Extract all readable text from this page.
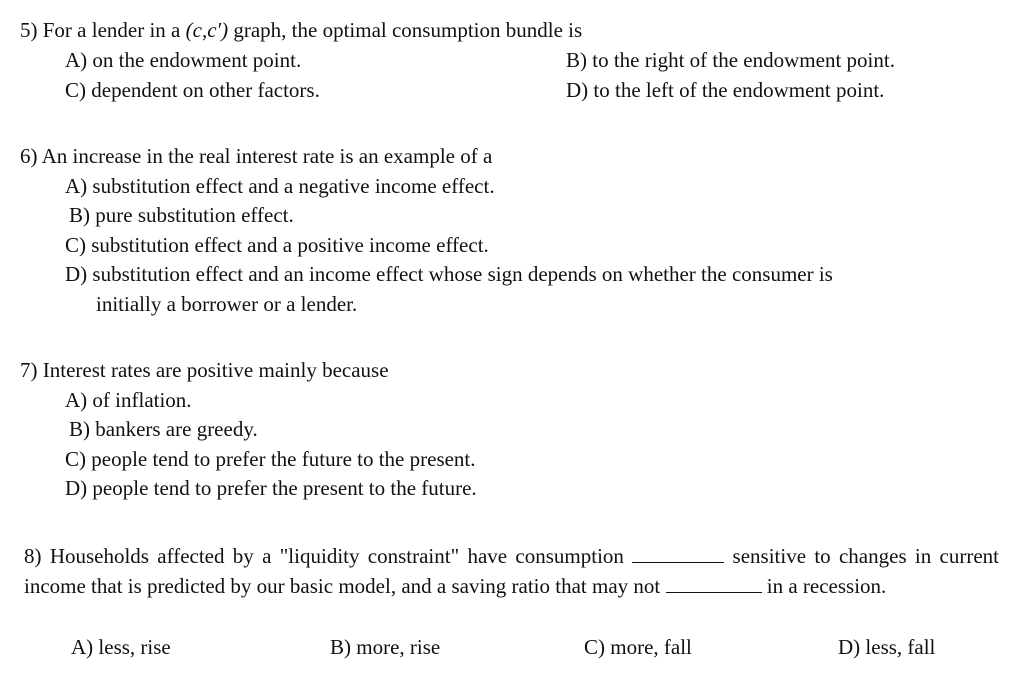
5) For a lender in a (c,c′) graph, the optimal consumption bundle is
A) on the endowment point.	B) to the right of the endowment point.
C) dependent on other factors.	D) to the left of the endowment point.
6) An increase in the real interest rate is an example of a
A) substitution effect and a negative income effect.
B) pure substitution effect.
C) substitution effect and a positive income effect.
D) substitution effect and an income effect whose sign depends on whether the consumer is
initially a borrower or a lender.
7) Interest rates are positive mainly because
A) of inflation.
B) bankers are greedy.
C) people tend to prefer the future to the present.
D) people tend to prefer the present to the future.
8) Households affected by a "liquidity constraint" have consumption	sensitive to changes in current income that is predicted by our basic model, and a saving ratio that may not	in a recession.
A) less, rise	B) more, rise	C) more, fall	D) less, fall
